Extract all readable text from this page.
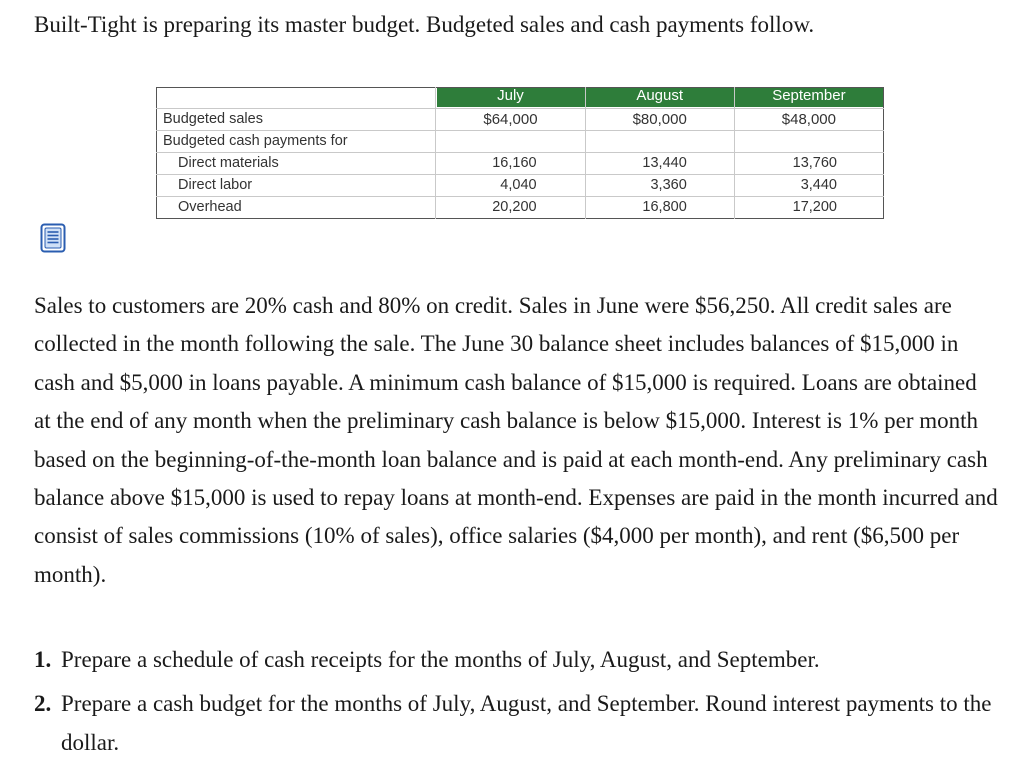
Built-Tight is preparing its master budget. Budgeted sales and cash payments follow.

	July	August	September

Budgeted sales	$64,000	$80,000	$48,000

Budgeted cash payments for			
Direct materials	16,160	13,440	13,760

Direct labor	4,040	3,360	3,440

Overhead	20,200	16,800	17,200

Sales to customers are 20% cash and 80% on credit. Sales in June were $56,250. All credit sales are collected in the month following the sale. The June 30 balance sheet includes balances of $15,000 in cash and $5,000 in loans payable. A minimum cash balance of $15,000 is required. Loans are obtained at the end of any month when the preliminary cash balance is below $15,000. Interest is 1% per month based on the beginning-of-the-month loan balance and is paid at each month-end. Any preliminary cash balance above $15,000 is used to repay loans at month-end. Expenses are paid in the month incurred and consist of sales commissions (10% of sales), office salaries ($4,000 per month), and rent ($6,500 per month).

1. Prepare a schedule of cash receipts for the months of July, August, and September.
2. Prepare a cash budget for the months of July, August, and September. Round interest payments to the dollar.
